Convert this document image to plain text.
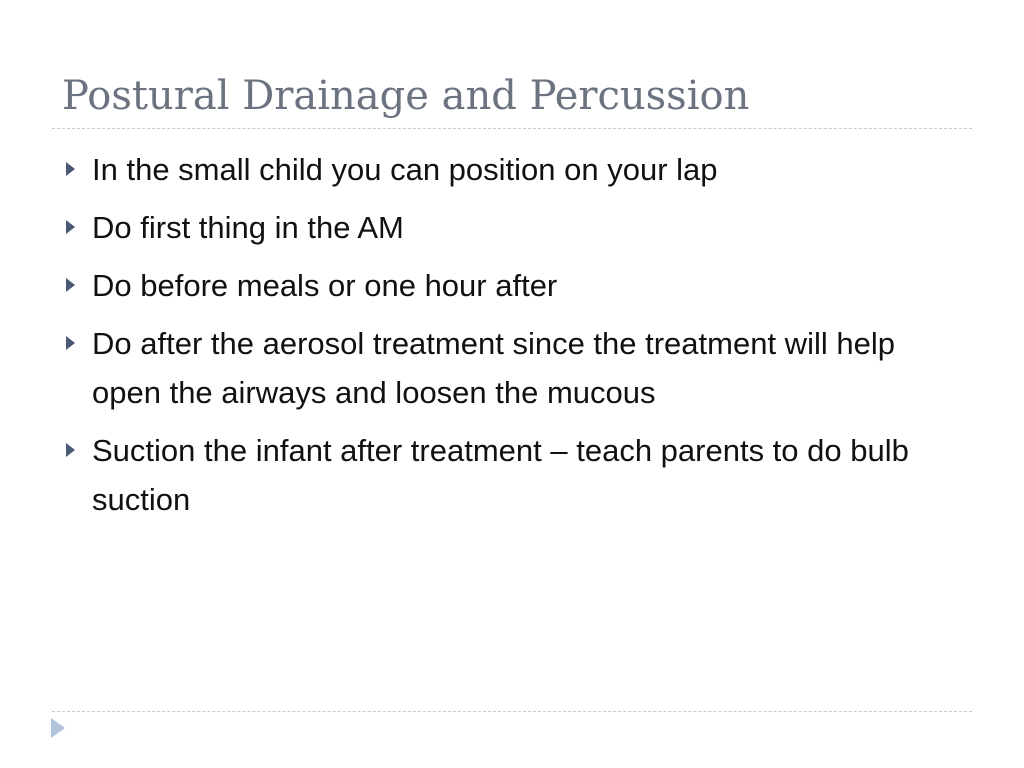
Postural Drainage and Percussion
In the small child you can position on your lap
Do first thing in the AM
Do before meals or one hour after
Do after the aerosol treatment since the treatment will help open the airways and loosen the mucous
Suction the infant after treatment – teach parents to do bulb suction
